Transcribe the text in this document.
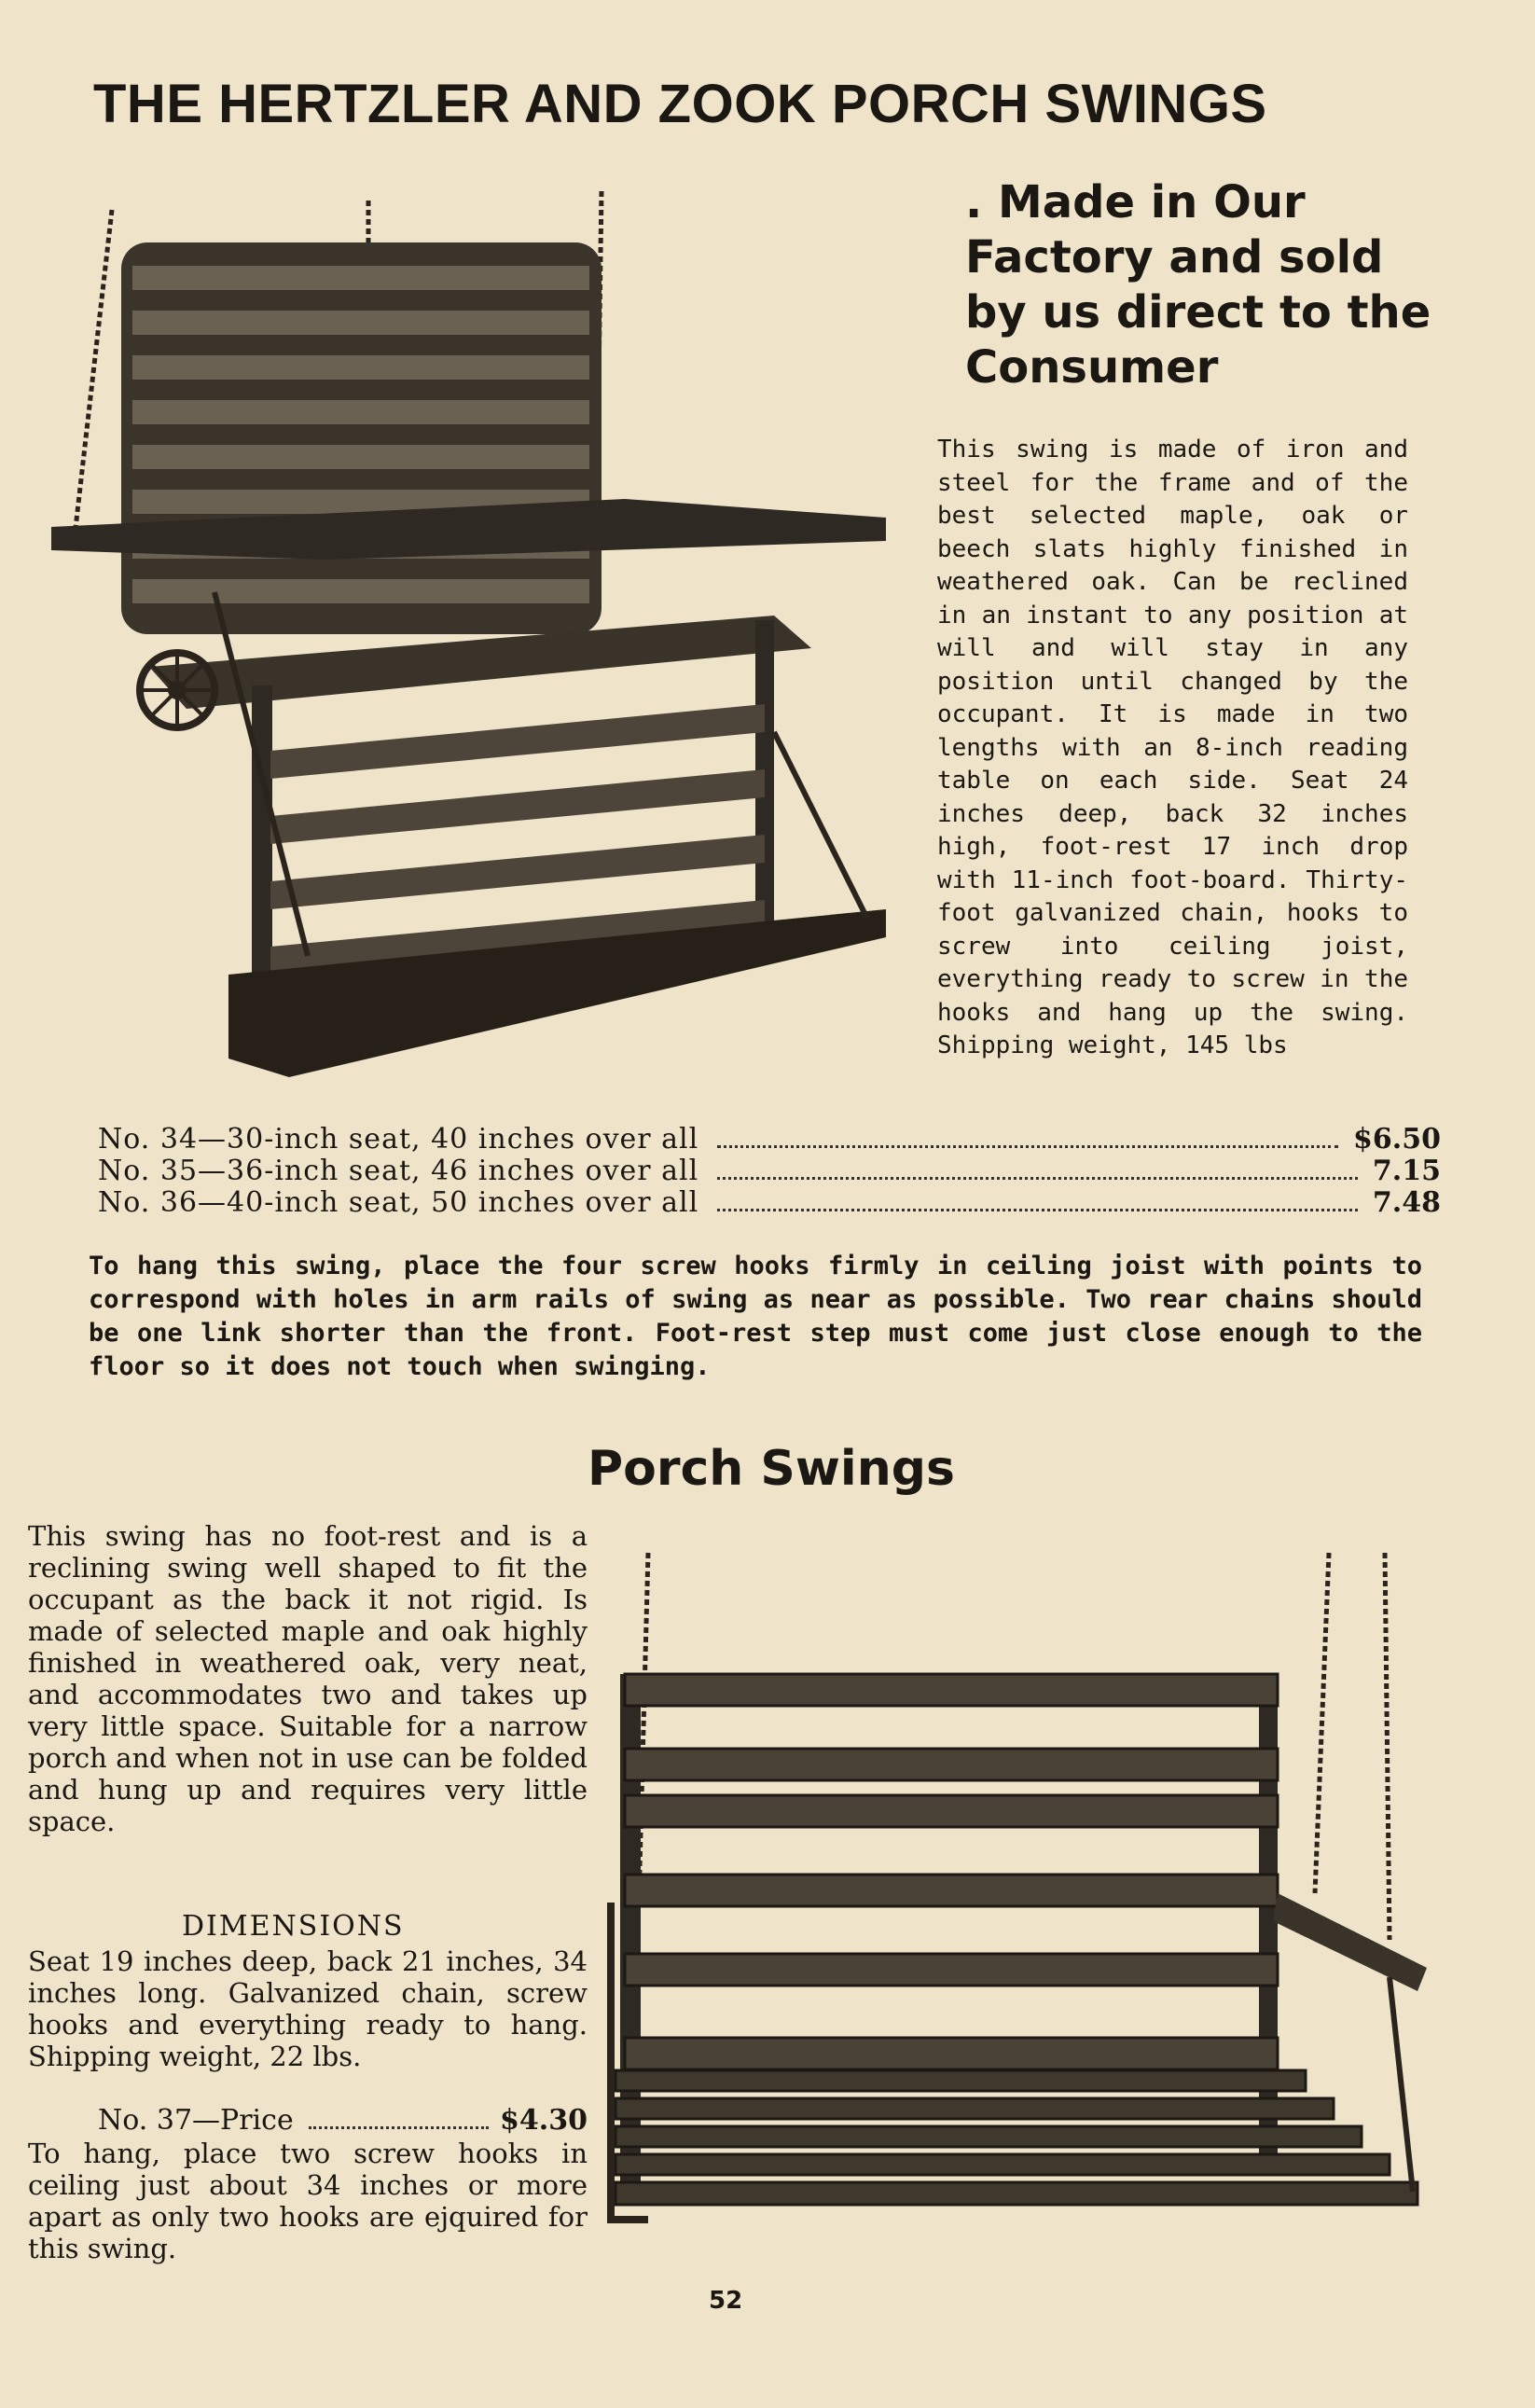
THE HERTZLER AND ZOOK PORCH SWINGS

. Made in Our Factory and sold by us direct to the Consumer

This swing is made of iron and steel for the frame and of the best selected maple, oak or beech slats highly finished in weathered oak. Can be reclined in an instant to any position at will and will stay in any position until changed by the occupant. It is made in two lengths with an 8-inch reading table on each side. Seat 24 inches deep, back 32 inches high, foot-rest 17 inch drop with 11-inch foot-board. Thirty-foot galvanized chain, hooks to screw into ceiling joist, everything ready to screw in the hooks and hang up the swing. Shipping weight, 145 lbs

No. 34—30-inch seat, 40 inches over all	$6.50
No. 35—36-inch seat, 46 inches over all	7.15
No. 36—40-inch seat, 50 inches over all	7.48

To hang this swing, place the four screw hooks firmly in ceiling joist with points to correspond with holes in arm rails of swing as near as possible. Two rear chains should be one link shorter than the front. Foot-rest step must come just close enough to the floor so it does not touch when swinging.

Porch Swings

This swing has no foot-rest and is a reclining swing well shaped to fit the occupant as the back it not rigid. Is made of selected maple and oak highly finished in weathered oak, very neat, and accommodates two and takes up very little space. Suitable for a narrow porch and when not in use can be folded and hung up and requires very little space.

DIMENSIONS

Seat 19 inches deep, back 21 inches, 34 inches long. Galvanized chain, screw hooks and everything ready to hang. Shipping weight, 22 lbs.

No. 37—Price	$4.30

To hang, place two screw hooks in ceiling just about 34 inches or more apart as only two hooks are ejquired for this swing.

52
